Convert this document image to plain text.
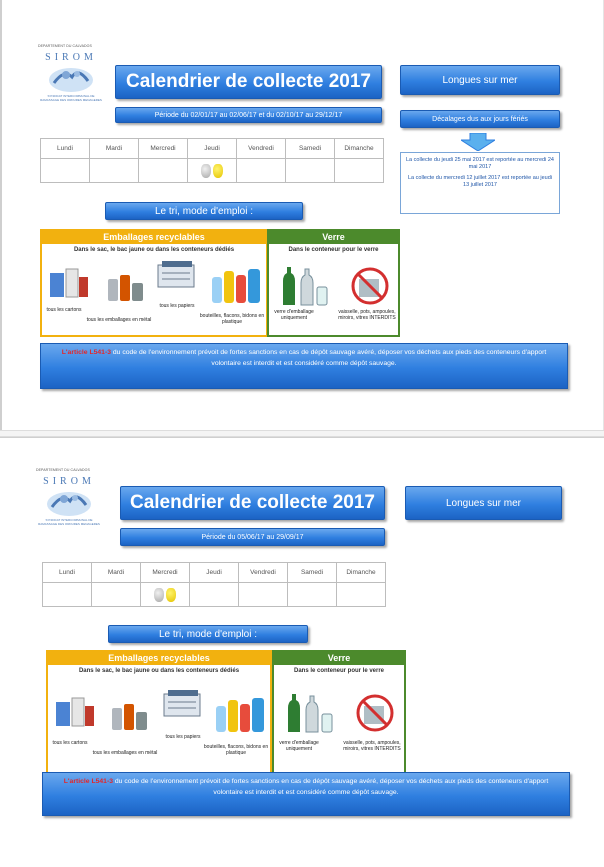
DEPARTEMENT DU CALVADOS
SIROM
SYNDICAT INTERCOMMUNAL DE RAMASSAGE DES ORDURES MENAGERES
Calendrier de collecte 2017
Période du 02/01/17 au 02/06/17 et du 02/10/17 au 29/12/17
Longues sur mer
Décalages dus aux jours fériés

La collecte du jeudi 25 mai 2017 est reportée au mercredi 24 mai 2017

La collecte du mercredi 12 juillet 2017 est reportée au jeudi 13 juillet 2017

Lundi	Mardi	Mercredi	Jeudi	Vendredi	Samedi	Dimanche

Le tri, mode d'emploi :
Emballages recyclables
Dans le sac, le bac jaune ou dans les conteneurs dédiés
tous les cartons
tous les emballages en métal
tous les papiers
bouteilles, flacons, bidons en plastique
Verre
Dans le conteneur pour le verre
verre d'emballage uniquement
vaisselle, pots, ampoules, miroirs, vitres INTERDITS
L'article L541-3 du code de l'environnement prévoit de fortes sanctions en cas de dépôt sauvage avéré, déposer vos déchets aux pieds des conteneurs d'apport volontaire est interdit et est considéré comme dépôt sauvage.
DEPARTEMENT DU CALVADOS
SIROM
SYNDICAT INTERCOMMUNAL DE RAMASSAGE DES ORDURES MENAGERES
Calendrier de collecte 2017
Période du 05/06/17 au 29/09/17
Longues sur mer
Lundi	Mardi	Mercredi	Jeudi	Vendredi	Samedi	Dimanche

Le tri, mode d'emploi :
Emballages recyclables
Dans le sac, le bac jaune ou dans les conteneurs dédiés
tous les cartons
tous les emballages en métal
tous les papiers
bouteilles, flacons, bidons en plastique
Verre
Dans le conteneur pour le verre
verre d'emballage uniquement
vaisselle, pots, ampoules, miroirs, vitres INTERDITS
L'article L541-3 du code de l'environnement prévoit de fortes sanctions en cas de dépôt sauvage avéré, déposer vos déchets aux pieds des conteneurs d'apport volontaire est interdit et est considéré comme dépôt sauvage.
